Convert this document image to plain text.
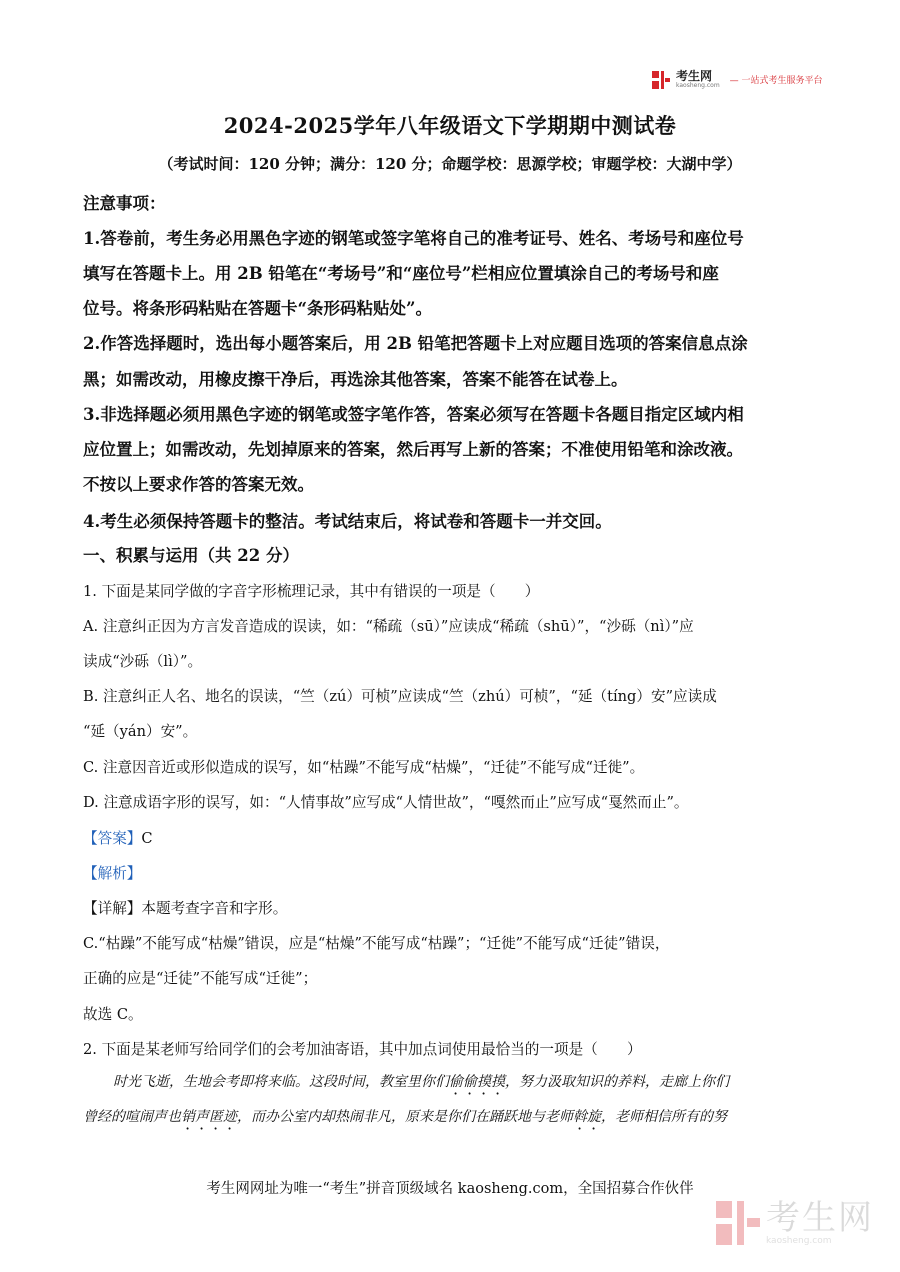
考生网
kaosheng.com — 一站式考生服务平台
2024-2025学年八年级语文下学期期中测试卷
（考试时间：120 分钟；满分：120 分；命题学校：思源学校；审题学校：大湖中学）
注意事项：
1.答卷前，考生务必用黑色字迹的钢笔或签字笔将自己的准考证号、姓名、考场号和座位号
填写在答题卡上。用 2B 铅笔在“考场号”和“座位号”栏相应位置填涂自己的考场号和座
位号。将条形码粘贴在答题卡“条形码粘贴处”。
2.作答选择题时，选出每小题答案后，用 2B 铅笔把答题卡上对应题目选项的答案信息点涂
黑；如需改动，用橡皮擦干净后，再选涂其他答案，答案不能答在试卷上。
3.非选择题必须用黑色字迹的钢笔或签字笔作答，答案必须写在答题卡各题目指定区域内相
应位置上；如需改动，先划掉原来的答案，然后再写上新的答案；不准使用铅笔和涂改液。
不按以上要求作答的答案无效。
4.考生必须保持答题卡的整洁。考试结束后，将试卷和答题卡一并交回。
一、积累与运用（共 22 分）
1. 下面是某同学做的字音字形梳理记录，其中有错误的一项是（　　）
A. 注意纠正因为方言发音造成的误读，如：“稀疏（sū）”应读成“稀疏（shū）”，“沙砾（nì）”应
读成“沙砾（lì）”。
B. 注意纠正人名、地名的误读，“竺（zú）可桢”应读成“竺（zhú）可桢”，“延（tíng）安”应读成
“延（yán）安”。
C. 注意因音近或形似造成的误写，如“枯躁”不能写成“枯燥”，“迁徒”不能写成“迁徙”。
D. 注意成语字形的误写，如：“人情事故”应写成“人情世故”，“嘎然而止”应写成“戛然而止”。
【答案】C
【解析】
【详解】本题考查字音和字形。
C.“枯躁”不能写成“枯燥”错误，应是“枯燥”不能写成“枯躁”；“迁徙”不能写成“迁徒”错误，
正确的应是“迁徒”不能写成“迁徙”；
故选 C。
2. 下面是某老师写给同学们的会考加油寄语，其中加点词使用最恰当的一项是（　　）
时光飞逝，生地会考即将来临。这段时间，教室里你们偷偷摸摸，努力汲取知识的养料，走廊上你们
曾经的喧闹声也销声匿迹，而办公室内却热闹非凡，原来是你们在踊跃地与老师斡旋，老师相信所有的努
考生网网址为唯一“考生”拼音顶级域名 kaosheng.com，全国招募合作伙伴
考生网
kaosheng.com
